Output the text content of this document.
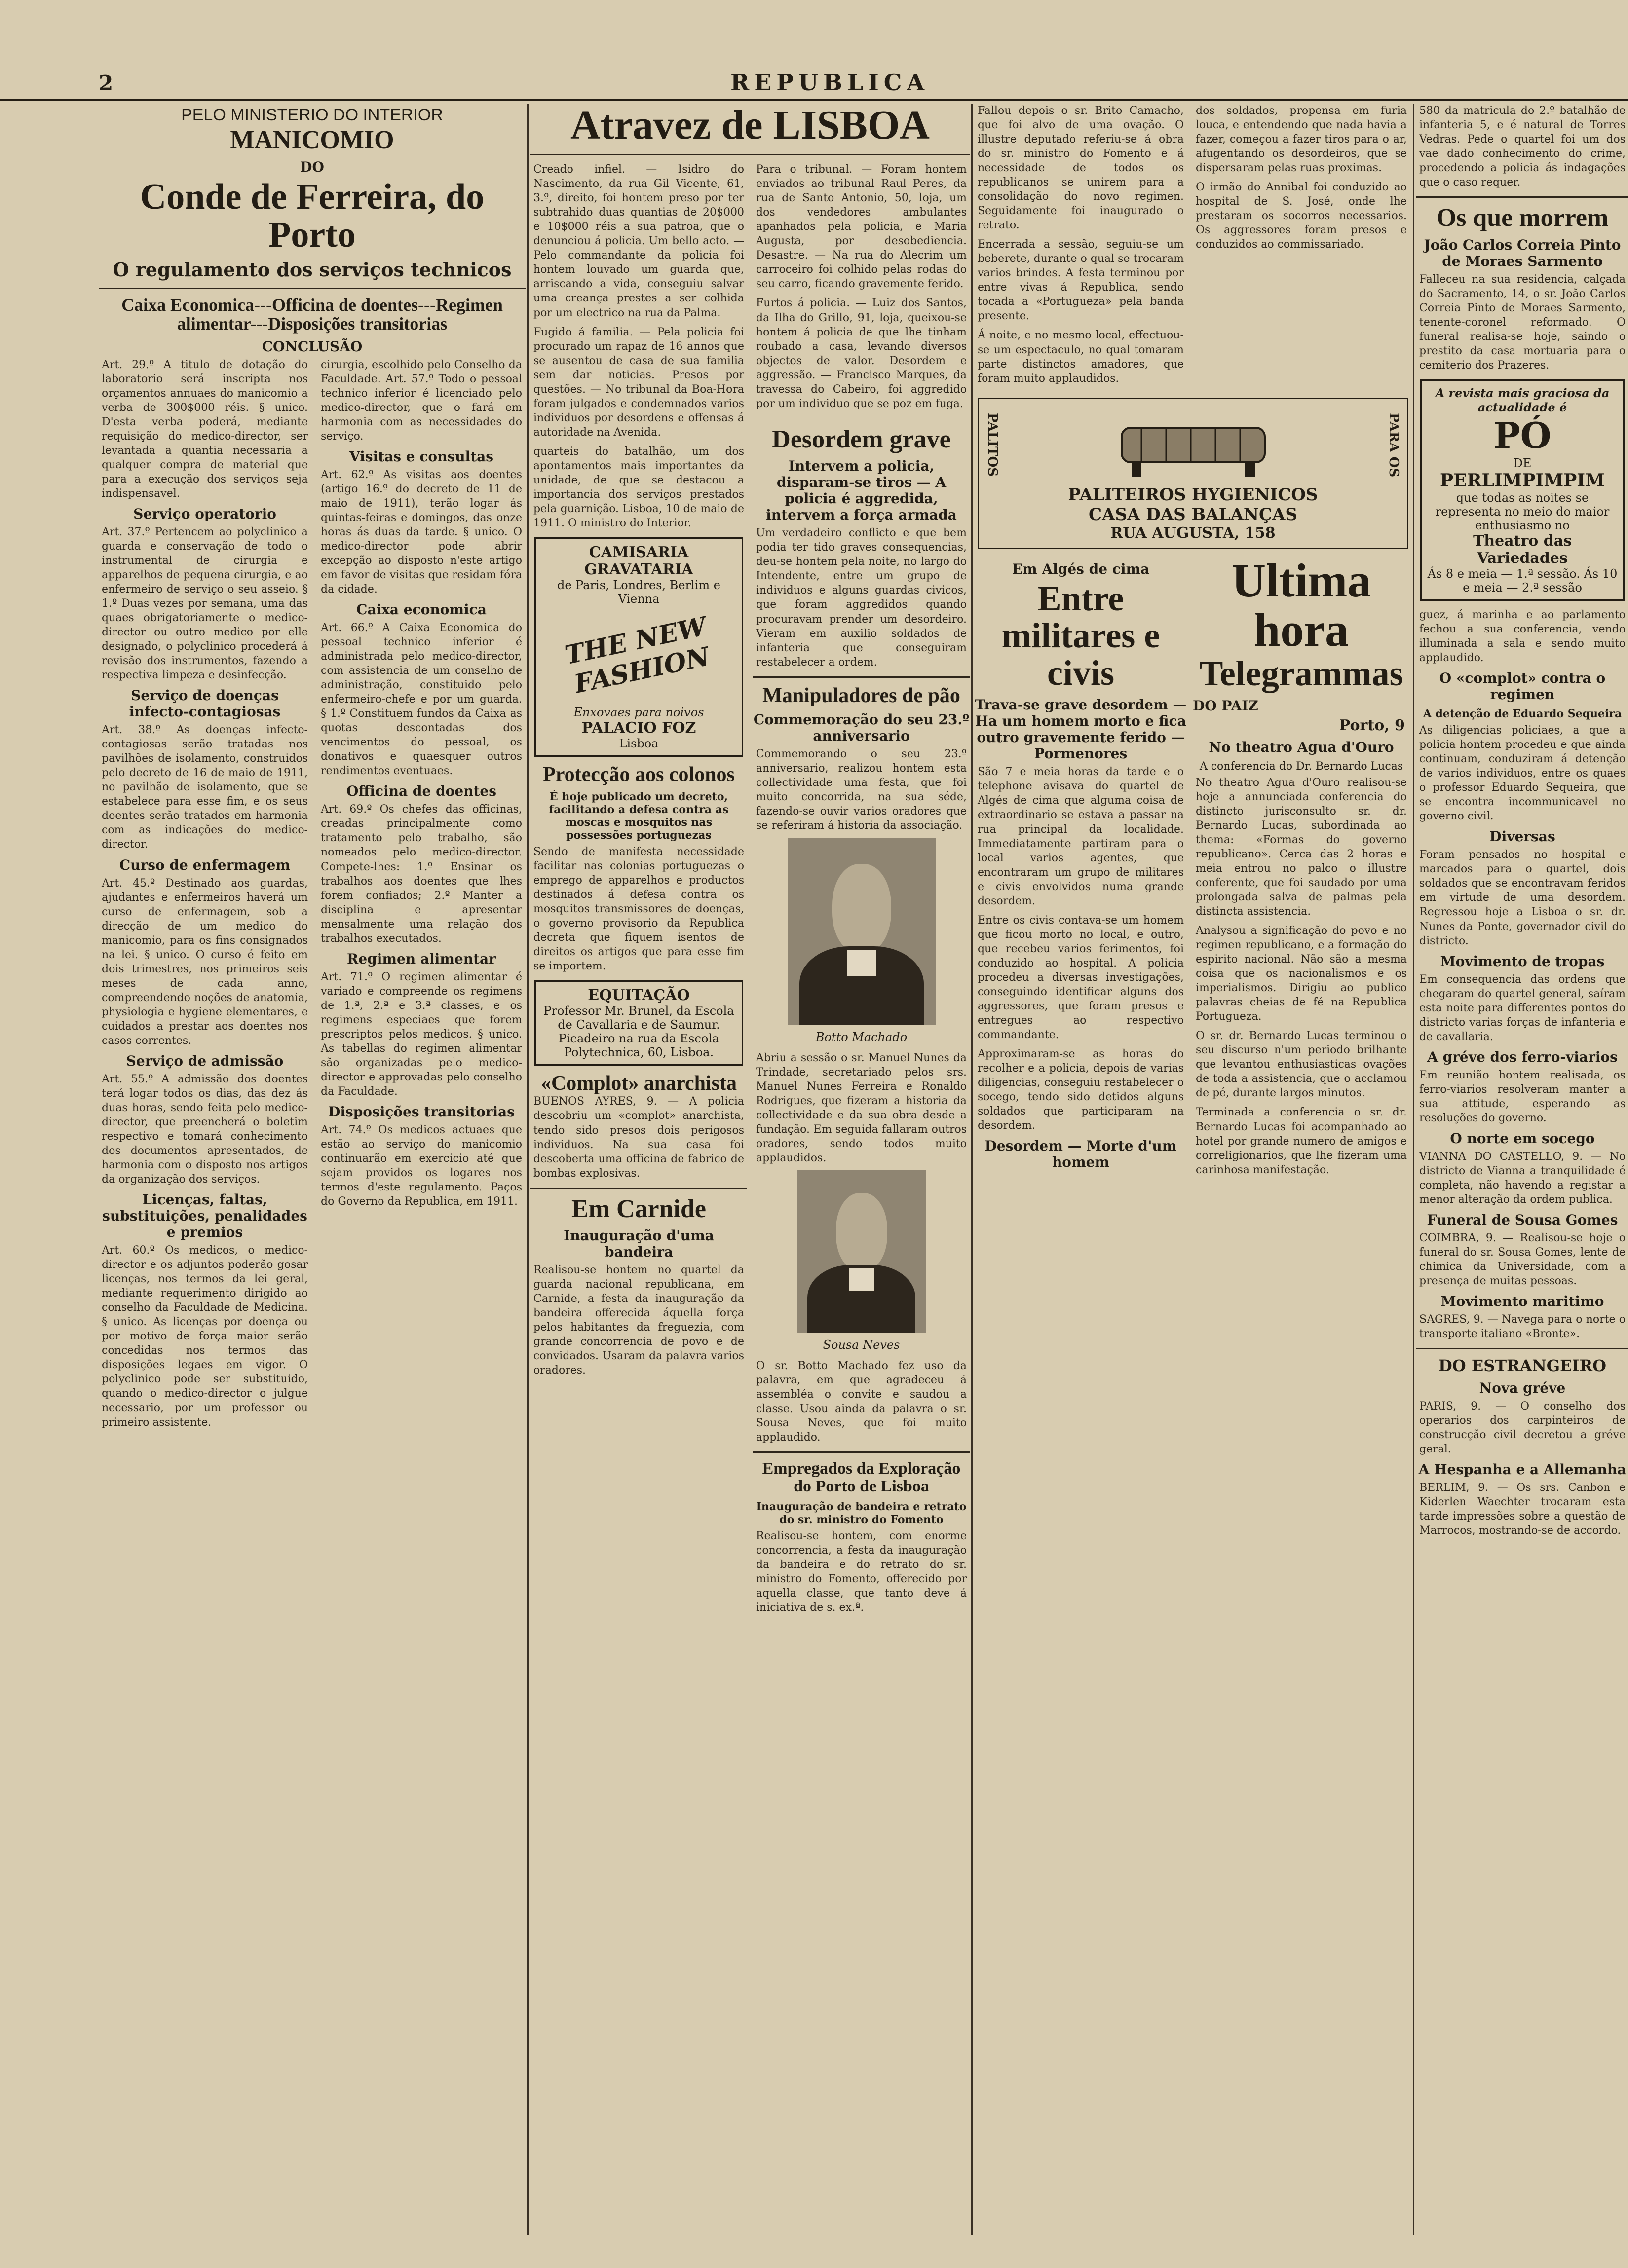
2	REPUBLICA
PELO MINISTERIO DO INTERIOR
MANICOMIO
DO
Conde de Ferreira, do Porto
O regulamento dos serviços technicos
Caixa Economica---Officina de doentes---Regimen alimentar---Disposições transitorias
CONCLUSÃO

Art. 29.º A titulo de dotação do laboratorio será inscripta nos orçamentos annuaes do manicomio a verba de 300$000 réis. § unico. D'esta verba poderá, mediante requisição do medico-director, ser levantada a quantia necessaria a qualquer compra de material que para a execução dos serviços seja indispensavel.

Serviço operatorio

Art. 37.º Pertencem ao polyclinico a guarda e conservação de todo o instrumental de cirurgia e apparelhos de pequena cirurgia, e ao enfermeiro de serviço o seu asseio. § 1.º Duas vezes por semana, uma das quaes obrigatoriamente o medico-director ou outro medico por elle designado, o polyclinico procederá á revisão dos instrumentos, fazendo a respectiva limpeza e desinfecção.

Serviço de doenças infecto-contagiosas

Art. 38.º As doenças infecto-contagiosas serão tratadas nos pavilhões de isolamento, construidos pelo decreto de 16 de maio de 1911, no pavilhão de isolamento, que se estabelece para esse fim, e os seus doentes serão tratados em harmonia com as indicações do medico-director.

Curso de enfermagem

Art. 45.º Destinado aos guardas, ajudantes e enfermeiros haverá um curso de enfermagem, sob a direcção de um medico do manicomio, para os fins consignados na lei. § unico. O curso é feito em dois trimestres, nos primeiros seis meses de cada anno, compreendendo noções de anatomia, physiologia e hygiene elementares, e cuidados a prestar aos doentes nos casos correntes.

Serviço de admissão

Art. 55.º A admissão dos doentes terá logar todos os dias, das dez ás duas horas, sendo feita pelo medico-director, que preencherá o boletim respectivo e tomará conhecimento dos documentos apresentados, de harmonia com o disposto nos artigos da organização dos serviços.

Licenças, faltas, substituições, penalidades e premios

Art. 60.º Os medicos, o medico-director e os adjuntos poderão gosar licenças, nos termos da lei geral, mediante requerimento dirigido ao conselho da Faculdade de Medicina. § unico. As licenças por doença ou por motivo de força maior serão concedidas nos termos das disposições legaes em vigor. O polyclinico pode ser substituido, quando o medico-director o julgue necessario, por um professor ou primeiro assistente.

cirurgia, escolhido pelo Conselho da Faculdade. Art. 57.º Todo o pessoal technico inferior é licenciado pelo medico-director, que o fará em harmonia com as necessidades do serviço.

Visitas e consultas

Art. 62.º As visitas aos doentes (artigo 16.º do decreto de 11 de maio de 1911), terão logar ás quintas-feiras e domingos, das onze horas ás duas da tarde. § unico. O medico-director pode abrir excepção ao disposto n'este artigo em favor de visitas que residam fóra da cidade.

Caixa economica

Art. 66.º A Caixa Economica do pessoal technico inferior é administrada pelo medico-director, com assistencia de um conselho de administração, constituido pelo enfermeiro-chefe e por um guarda. § 1.º Constituem fundos da Caixa as quotas descontadas dos vencimentos do pessoal, os donativos e quaesquer outros rendimentos eventuaes.

Officina de doentes

Art. 69.º Os chefes das officinas, creadas principalmente como tratamento pelo trabalho, são nomeados pelo medico-director. Compete-lhes: 1.º Ensinar os trabalhos aos doentes que lhes forem confiados; 2.º Manter a disciplina e apresentar mensalmente uma relação dos trabalhos executados.

Regimen alimentar

Art. 71.º O regimen alimentar é variado e compreende os regimens de 1.ª, 2.ª e 3.ª classes, e os regimens especiaes que forem prescriptos pelos medicos. § unico. As tabellas do regimen alimentar são organizadas pelo medico-director e approvadas pelo conselho da Faculdade.

Disposições transitorias

Art. 74.º Os medicos actuaes que estão ao serviço do manicomio continuarão em exercicio até que sejam providos os logares nos termos d'este regulamento. Paços do Governo da Republica, em 1911.

Atravez de LISBOA

Creado infiel. — Isidro do Nascimento, da rua Gil Vicente, 61, 3.º, direito, foi hontem preso por ter subtrahido duas quantias de 20$000 e 10$000 réis a sua patroa, que o denunciou á policia. Um bello acto. — Pelo commandante da policia foi hontem louvado um guarda que, arriscando a vida, conseguiu salvar uma creança prestes a ser colhida por um electrico na rua da Palma.

Fugido á familia. — Pela policia foi procurado um rapaz de 16 annos que se ausentou de casa de sua familia sem dar noticias. Presos por questões. — No tribunal da Boa-Hora foram julgados e condemnados varios individuos por desordens e offensas á autoridade na Avenida.

quarteis do batalhão, um dos apontamentos mais importantes da unidade, de que se destacou a importancia dos serviços prestados pela guarnição. Lisboa, 10 de maio de 1911. O ministro do Interior.

CAMISARIA
GRAVATARIA
de Paris, Londres, Berlim e Vienna
THE NEW FASHION
Enxovaes para noivos
PALACIO FOZ
Lisboa
Protecção aos colonos
É hoje publicado um decreto, facilitando a defesa contra as moscas e mosquitos nas possessões portuguezas

Sendo de manifesta necessidade facilitar nas colonias portuguezas o emprego de apparelhos e productos destinados á defesa contra os mosquitos transmissores de doenças, o governo provisorio da Republica decreta que fiquem isentos de direitos os artigos que para esse fim se importem.

EQUITAÇÃO
Professor Mr. Brunel, da Escola de Cavallaria e de Saumur. Picadeiro na rua da Escola Polytechnica, 60, Lisboa.
«Complot» anarchista

BUENOS AYRES, 9. — A policia descobriu um «complot» anarchista, tendo sido presos dois perigosos individuos. Na sua casa foi descoberta uma officina de fabrico de bombas explosivas.

Em Carnide
Inauguração d'uma bandeira

Realisou-se hontem no quartel da guarda nacional republicana, em Carnide, a festa da inauguração da bandeira offerecida áquella força pelos habitantes da freguezia, com grande concorrencia de povo e de convidados. Usaram da palavra varios oradores.

Para o tribunal. — Foram hontem enviados ao tribunal Raul Peres, da rua de Santo Antonio, 50, loja, um dos vendedores ambulantes apanhados pela policia, e Maria Augusta, por desobediencia. Desastre. — Na rua do Alecrim um carroceiro foi colhido pelas rodas do seu carro, ficando gravemente ferido.

Furtos á policia. — Luiz dos Santos, da Ilha do Grillo, 91, loja, queixou-se hontem á policia de que lhe tinham roubado a casa, levando diversos objectos de valor. Desordem e aggressão. — Francisco Marques, da travessa do Cabeiro, foi aggredido por um individuo que se poz em fuga.

Desordem grave
Intervem a policia, disparam-se tiros — A policia é aggredida, intervem a força armada

Um verdadeiro conflicto e que bem podia ter tido graves consequencias, deu-se hontem pela noite, no largo do Intendente, entre um grupo de individuos e alguns guardas civicos, que foram aggredidos quando procuravam prender um desordeiro. Vieram em auxilio soldados de infanteria que conseguiram restabelecer a ordem.

Manipuladores de pão
Commemoração do seu 23.º anniversario

Commemorando o seu 23.º anniversario, realizou hontem esta collectividade uma festa, que foi muito concorrida, na sua séde, fazendo-se ouvir varios oradores que se referiram á historia da associação.

Botto Machado

Abriu a sessão o sr. Manuel Nunes da Trindade, secretariado pelos srs. Manuel Nunes Ferreira e Ronaldo Rodrigues, que fizeram a historia da collectividade e da sua obra desde a fundação. Em seguida fallaram outros oradores, sendo todos muito applaudidos.

Sousa Neves

O sr. Botto Machado fez uso da palavra, em que agradeceu á assembléa o convite e saudou a classe. Usou ainda da palavra o sr. Sousa Neves, que foi muito applaudido.

Empregados da Exploração do Porto de Lisboa
Inauguração de bandeira e retrato do sr. ministro do Fomento

Realisou-se hontem, com enorme concorrencia, a festa da inauguração da bandeira e do retrato do sr. ministro do Fomento, offerecido por aquella classe, que tanto deve á iniciativa de s. ex.ª.

Fallou depois o sr. Brito Camacho, que foi alvo de uma ovação. O illustre deputado referiu-se á obra do sr. ministro do Fomento e á necessidade de todos os republicanos se unirem para a consolidação do novo regimen. Seguidamente foi inaugurado o retrato.

Encerrada a sessão, seguiu-se um beberete, durante o qual se trocaram varios brindes. A festa terminou por entre vivas á Republica, sendo tocada a «Portugueza» pela banda presente.

Á noite, e no mesmo local, effectuou-se um espectaculo, no qual tomaram parte distinctos amadores, que foram muito applaudidos.

dos soldados, propensa em furia louca, e entendendo que nada havia a fazer, começou a fazer tiros para o ar, afugentando os desordeiros, que se dispersaram pelas ruas proximas.

O irmão do Annibal foi conduzido ao hospital de S. José, onde lhe prestaram os socorros necessarios. Os aggressores foram presos e conduzidos ao commissariado.

PALITOS	PARA OS
PALITEIROS HYGIENICOS
CASA DAS BALANÇAS
RUA AUGUSTA, 158
Em Algés de cima
Entre militares e civis
Trava-se grave desordem — Ha um homem morto e fica outro gravemente ferido — Pormenores

São 7 e meia horas da tarde e o telephone avisava do quartel de Algés de cima que alguma coisa de extraordinario se estava a passar na rua principal da localidade. Immediatamente partiram para o local varios agentes, que encontraram um grupo de militares e civis envolvidos numa grande desordem.

Entre os civis contava-se um homem que ficou morto no local, e outro, que recebeu varios ferimentos, foi conduzido ao hospital. A policia procedeu a diversas investigações, conseguindo identificar alguns dos aggressores, que foram presos e entregues ao respectivo commandante.

Approximaram-se as horas do recolher e a policia, depois de varias diligencias, conseguiu restabelecer o socego, tendo sido detidos alguns soldados que participaram na desordem.

Desordem — Morte d'um homem
Ultima hora
Telegrammas
DO PAIZ
Porto, 9
No theatro Agua d'Ouro
A conferencia do Dr. Bernardo Lucas

No theatro Agua d'Ouro realisou-se hoje a annunciada conferencia do distincto jurisconsulto sr. dr. Bernardo Lucas, subordinada ao thema: «Formas do governo republicano». Cerca das 2 horas e meia entrou no palco o illustre conferente, que foi saudado por uma prolongada salva de palmas pela distincta assistencia.

Analysou a significação do povo e no regimen republicano, e a formação do espirito nacional. Não são a mesma coisa que os nacionalismos e os imperialismos. Dirigiu ao publico palavras cheias de fé na Republica Portugueza.

O sr. dr. Bernardo Lucas terminou o seu discurso n'um periodo brilhante que levantou enthusiasticas ovações de toda a assistencia, que o acclamou de pé, durante largos minutos.

Terminada a conferencia o sr. dr. Bernardo Lucas foi acompanhado ao hotel por grande numero de amigos e correligionarios, que lhe fizeram uma carinhosa manifestação.

580 da matricula do 2.º batalhão de infanteria 5, e é natural de Torres Vedras. Pede o quartel foi um dos vae dado conhecimento do crime, procedendo a policia ás indagações que o caso requer.

Os que morrem
João Carlos Correia Pinto de Moraes Sarmento

Falleceu na sua residencia, calçada do Sacramento, 14, o sr. João Carlos Correia Pinto de Moraes Sarmento, tenente-coronel reformado. O funeral realisa-se hoje, saindo o prestito da casa mortuaria para o cemiterio dos Prazeres.

A revista mais graciosa da actualidade é
PÓ
DE
PERLIMPIMPIM
que todas as noites se representa no meio do maior enthusiasmo no
Theatro das Variedades
Ás 8 e meia — 1.ª sessão. Ás 10 e meia — 2.ª sessão

guez, á marinha e ao parlamento fechou a sua conferencia, vendo illuminada a sala e sendo muito applaudido.

O «complot» contra o regimen
A detenção de Eduardo Sequeira

As diligencias policiaes, a que a policia hontem procedeu e que ainda continuam, conduziram á detenção de varios individuos, entre os quaes o professor Eduardo Sequeira, que se encontra incommunicavel no governo civil.

Diversas

Foram pensados no hospital e marcados para o quartel, dois soldados que se encontravam feridos em virtude de uma desordem. Regressou hoje a Lisboa o sr. dr. Nunes da Ponte, governador civil do districto.

Movimento de tropas

Em consequencia das ordens que chegaram do quartel general, saíram esta noite para differentes pontos do districto varias forças de infanteria e de cavallaria.

A gréve dos ferro-viarios

Em reunião hontem realisada, os ferro-viarios resolveram manter a sua attitude, esperando as resoluções do governo.

O norte em socego

VIANNA DO CASTELLO, 9. — No districto de Vianna a tranquilidade é completa, não havendo a registar a menor alteração da ordem publica.

Funeral de Sousa Gomes

COIMBRA, 9. — Realisou-se hoje o funeral do sr. Sousa Gomes, lente de chimica da Universidade, com a presença de muitas pessoas.

Movimento maritimo

SAGRES, 9. — Navega para o norte o transporte italiano «Bronte».

DO ESTRANGEIRO
Nova gréve

PARIS, 9. — O conselho dos operarios dos carpinteiros de construcção civil decretou a gréve geral.

A Hespanha e a Allemanha

BERLIM, 9. — Os srs. Canbon e Kiderlen Waechter trocaram esta tarde impressões sobre a questão de Marrocos, mostrando-se de accordo.
